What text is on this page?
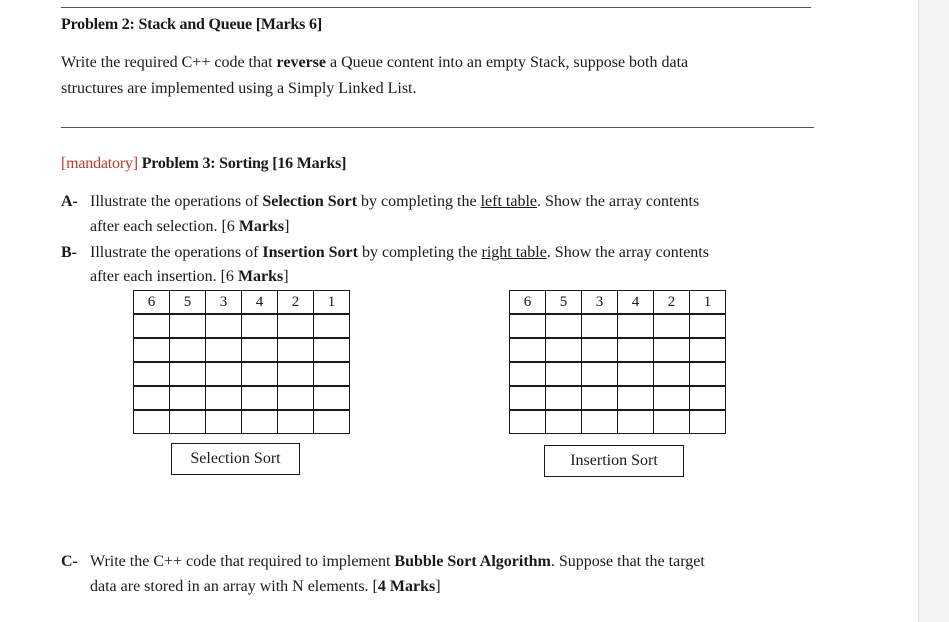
Problem 2: Stack and Queue [Marks 6]
Write the required C++ code that reverse a Queue content into an empty Stack, suppose both data
structures are implemented using a Simply Linked List.
[mandatory] Problem 3: Sorting [16 Marks]
A- Illustrate the operations of Selection Sort by completing the left table. Show the array contents
after each selection. [6 Marks]
B- Illustrate the operations of Insertion Sort by completing the right table. Show the array contents
after each insertion. [6 Marks]
6	5	3	4	2	1

Selection Sort
6	5	3	4	2	1

Insertion Sort
C- Write the C++ code that required to implement Bubble Sort Algorithm. Suppose that the target
data are stored in an array with N elements. [4 Marks]
